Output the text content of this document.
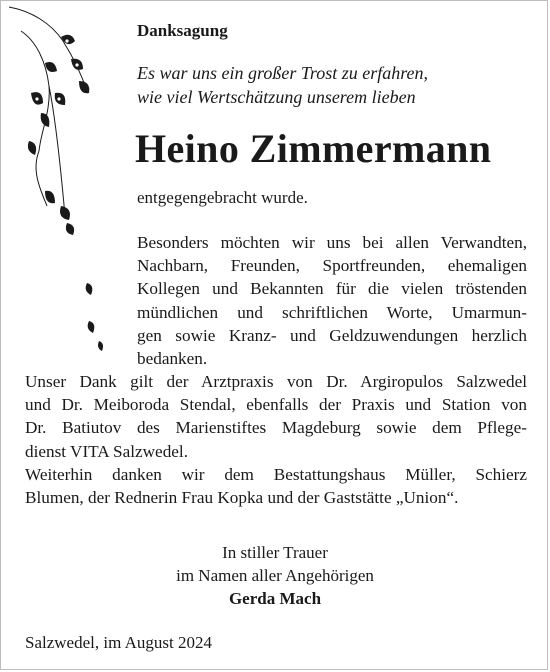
Danksagung
Es war uns ein großer Trost zu erfahren,
wie viel Wertschätzung unserem lieben
Heino Zimmermann
entgegengebracht wurde.
Besonders möchten wir uns bei allen Verwandten,
Nachbarn, Freunden, Sportfreunden, ehemaligen
Kollegen und Bekannten für die vielen tröstenden
mündlichen und schriftlichen Worte, Umarmun-
gen sowie Kranz- und Geldzuwendungen herzlich
bedanken.
Unser Dank gilt der Arztpraxis von Dr. Argiropulos Salzwedel
und Dr. Meiboroda Stendal, ebenfalls der Praxis und Station von
Dr. Batiutov des Marienstiftes Magdeburg sowie dem Pflege-
dienst VITA Salzwedel.
Weiterhin danken wir dem Bestattungshaus Müller, Schierz
Blumen, der Rednerin Frau Kopka und der Gaststätte „Union“.
In stiller Trauer
im Namen aller Angehörigen
Gerda Mach
Salzwedel, im August 2024
